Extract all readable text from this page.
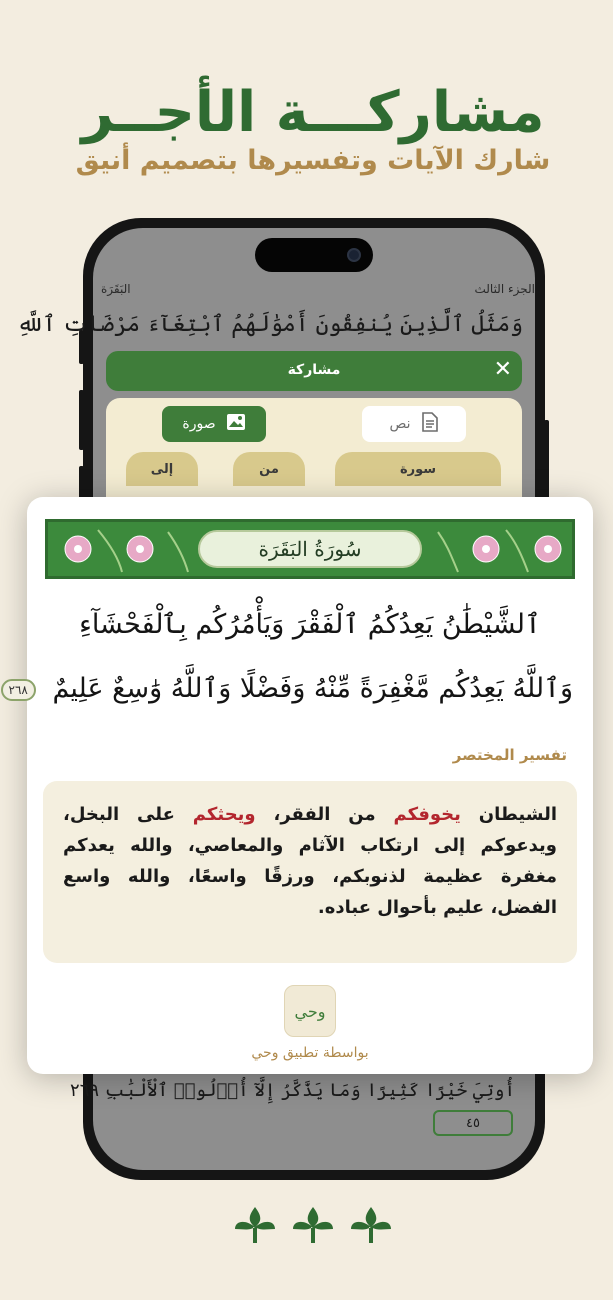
مشاركـــة الأجــر
شارك الآيات وتفسيرها بتصميم أنيق
الجزء الثالث
البَقَرَة
وَمَثَلُ ٱلَّذِينَ يُنفِقُونَ أَمْوَٰلَهُمُ ٱبْتِغَآءَ مَرْضَاتِ ٱللَّهِ
مشاركة	✕
نص
صورة
سورة
من
إلى
أُوتِيَ خَيْرًا كَثِيرًا وَمَا يَذَّكَّرُ إِلَّآ أُو۟لُوا۟ ٱلْأَلْبَٰبِ ٢٦٩
٤٥
سُورَةُ البَقَرَة
ٱلشَّيْطَٰنُ يَعِدُكُمُ ٱلْفَقْرَ وَيَأْمُرُكُم بِٱلْفَحْشَآءِ
وَٱللَّهُ يَعِدُكُم مَّغْفِرَةً مِّنْهُ وَفَضْلًا وَٱللَّهُ وَٰسِعٌ عَلِيمٌ ٢٦٨
تفسير المختصر
الشيطان يخوفكم من الفقر، ويحثكم على البخل، ويدعوكم إلى ارتكاب الآثام والمعاصي، والله يعدكم مغفرة عظيمة لذنوبكم، ورزقًا واسعًا، والله واسع الفضل، عليم بأحوال عباده.
وحي
بواسطة تطبيق وحي
